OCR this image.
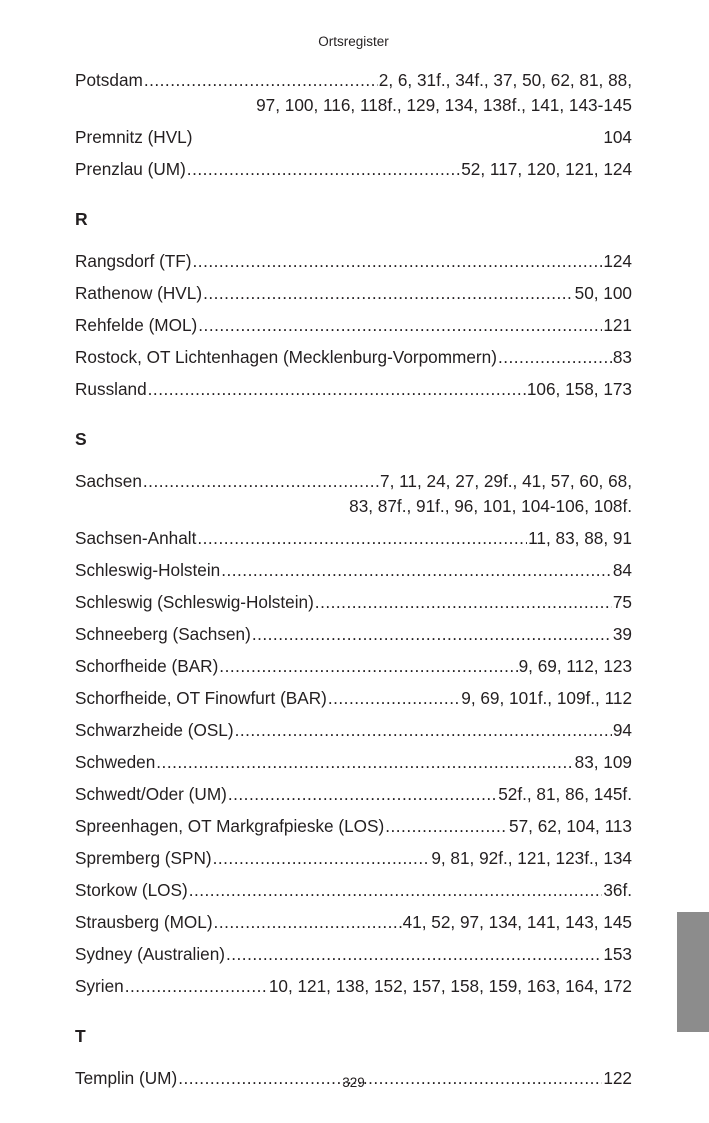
Ortsregister
Potsdam .....	2, 6, 31f., 34f., 37, 50, 62, 81, 88,
97, 100, 116, 118f., 129, 134, 138f., 141, 143-145
Premnitz (HVL)	104
Prenzlau (UM) .....	52, 117, 120, 121, 124
R
Rangsdorf (TF) .....	124
Rathenow (HVL) .....	50, 100
Rehfelde (MOL) .....	121
Rostock, OT Lichtenhagen (Mecklenburg-Vorpommern) .....	83
Russland .....	106, 158, 173
S
Sachsen .....	7, 11, 24, 27, 29f., 41, 57, 60, 68,
83, 87f., 91f., 96, 101, 104-106, 108f.
Sachsen-Anhalt .....	11, 83, 88, 91
Schleswig-Holstein .....	84
Schleswig (Schleswig-Holstein) .....	75
Schneeberg (Sachsen) .....	39
Schorfheide (BAR) .....	9, 69, 112, 123
Schorfheide, OT Finowfurt (BAR) .....	9, 69, 101f., 109f., 112
Schwarzheide (OSL) .....	94
Schweden .....	83, 109
Schwedt/Oder (UM) .....	52f., 81, 86, 145f.
Spreenhagen, OT Markgrafpieske (LOS) .....	57, 62, 104, 113
Spremberg (SPN) .....	9, 81, 92f., 121, 123f., 134
Storkow (LOS) .....	36f.
Strausberg (MOL) .....	41, 52, 97, 134, 141, 143, 145
Sydney (Australien) .....	153
Syrien .....	10, 121, 138, 152, 157, 158, 159, 163, 164, 172
T
Templin (UM) .....	122
329
